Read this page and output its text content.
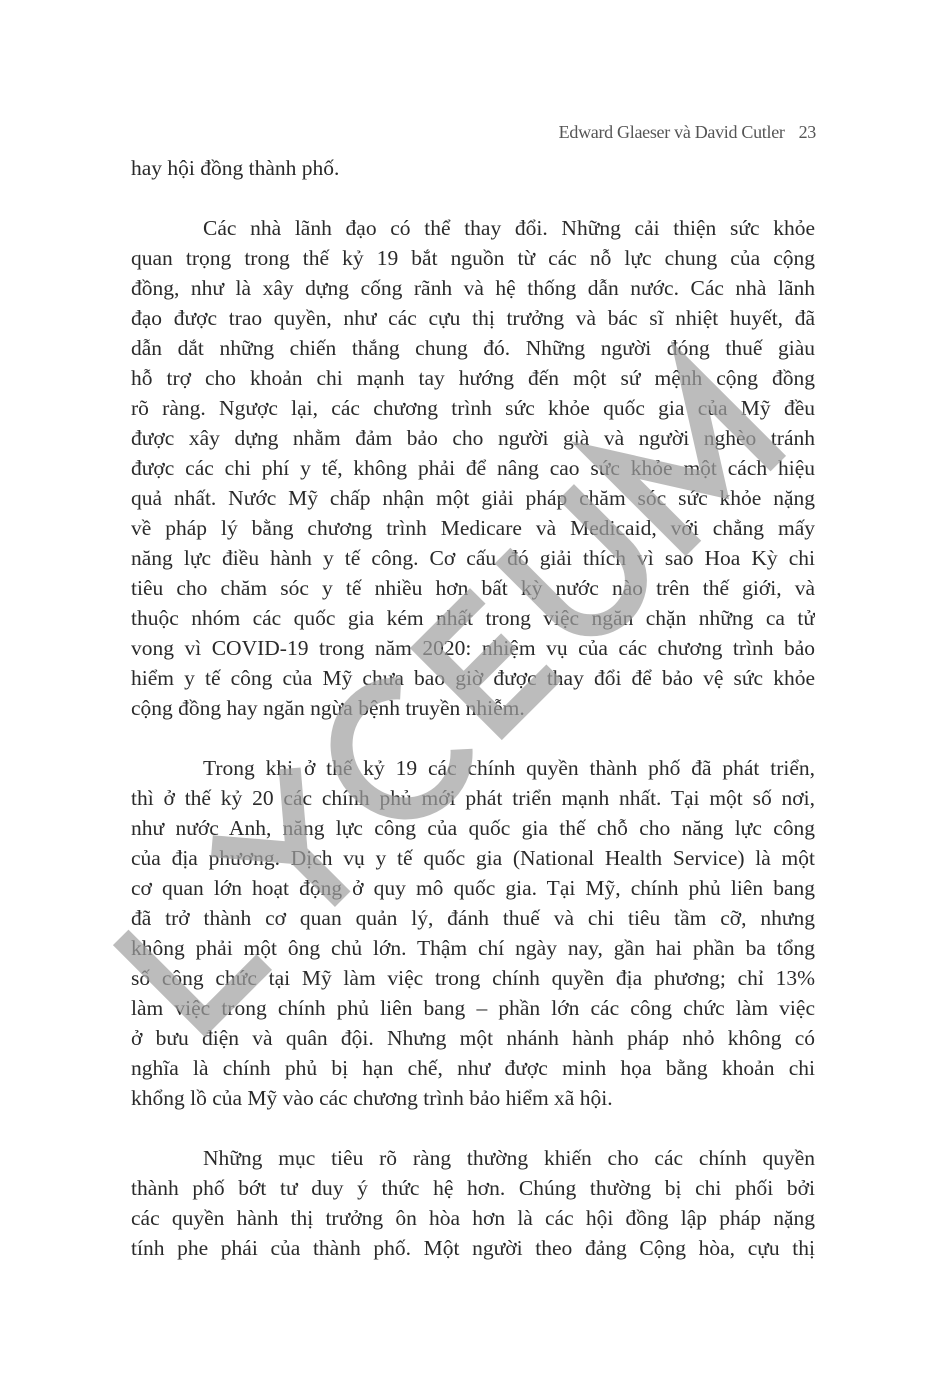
Edward Glaeser và David Cutler 23
hay hội đồng thành phố.
Các nhà lãnh đạo có thể thay đổi. Những cải thiện sức khỏe
quan trọng trong thế kỷ 19 bắt nguồn từ các nỗ lực chung của cộng
đồng, như là xây dựng cống rãnh và hệ thống dẫn nước. Các nhà lãnh
đạo được trao quyền, như các cựu thị trưởng và bác sĩ nhiệt huyết, đã
dẫn dắt những chiến thắng chung đó. Những người đóng thuế giàu
hỗ trợ cho khoản chi mạnh tay hướng đến một sứ mệnh cộng đồng
rõ ràng. Ngược lại, các chương trình sức khỏe quốc gia của Mỹ đều
được xây dựng nhằm đảm bảo cho người già và người nghèo tránh
được các chi phí y tế, không phải để nâng cao sức khỏe một cách hiệu
quả nhất. Nước Mỹ chấp nhận một giải pháp chăm sóc sức khỏe nặng
về pháp lý bằng chương trình Medicare và Medicaid, với chẳng mấy
năng lực điều hành y tế công. Cơ cấu đó giải thích vì sao Hoa Kỳ chi
tiêu cho chăm sóc y tế nhiều hơn bất kỳ nước nào trên thế giới, và
thuộc nhóm các quốc gia kém nhất trong việc ngăn chặn những ca tử
vong vì COVID-19 trong năm 2020: nhiệm vụ của các chương trình bảo
hiểm y tế công của Mỹ chưa bao giờ được thay đổi để bảo vệ sức khỏe
cộng đồng hay ngăn ngừa bệnh truyền nhiễm.
Trong khi ở thế kỷ 19 các chính quyền thành phố đã phát triển,
thì ở thế kỷ 20 các chính phủ mới phát triển mạnh nhất. Tại một số nơi,
như nước Anh, năng lực công của quốc gia thế chỗ cho năng lực công
của địa phương. Dịch vụ y tế quốc gia (National Health Service) là một
cơ quan lớn hoạt động ở quy mô quốc gia. Tại Mỹ, chính phủ liên bang
đã trở thành cơ quan quản lý, đánh thuế và chi tiêu tầm cỡ, nhưng
không phải một ông chủ lớn. Thậm chí ngày nay, gần hai phần ba tổng
số công chức tại Mỹ làm việc trong chính quyền địa phương; chỉ 13%
làm việc trong chính phủ liên bang – phần lớn các công chức làm việc
ở bưu điện và quân đội. Nhưng một nhánh hành pháp nhỏ không có
nghĩa là chính phủ bị hạn chế, như được minh họa bằng khoản chi
khổng lồ của Mỹ vào các chương trình bảo hiểm xã hội.
Những mục tiêu rõ ràng thường khiến cho các chính quyền
thành phố bớt tư duy ý thức hệ hơn. Chúng thường bị chi phối bởi
các quyền hành thị trưởng ôn hòa hơn là các hội đồng lập pháp nặng
tính phe phái của thành phố. Một người theo đảng Cộng hòa, cựu thị
